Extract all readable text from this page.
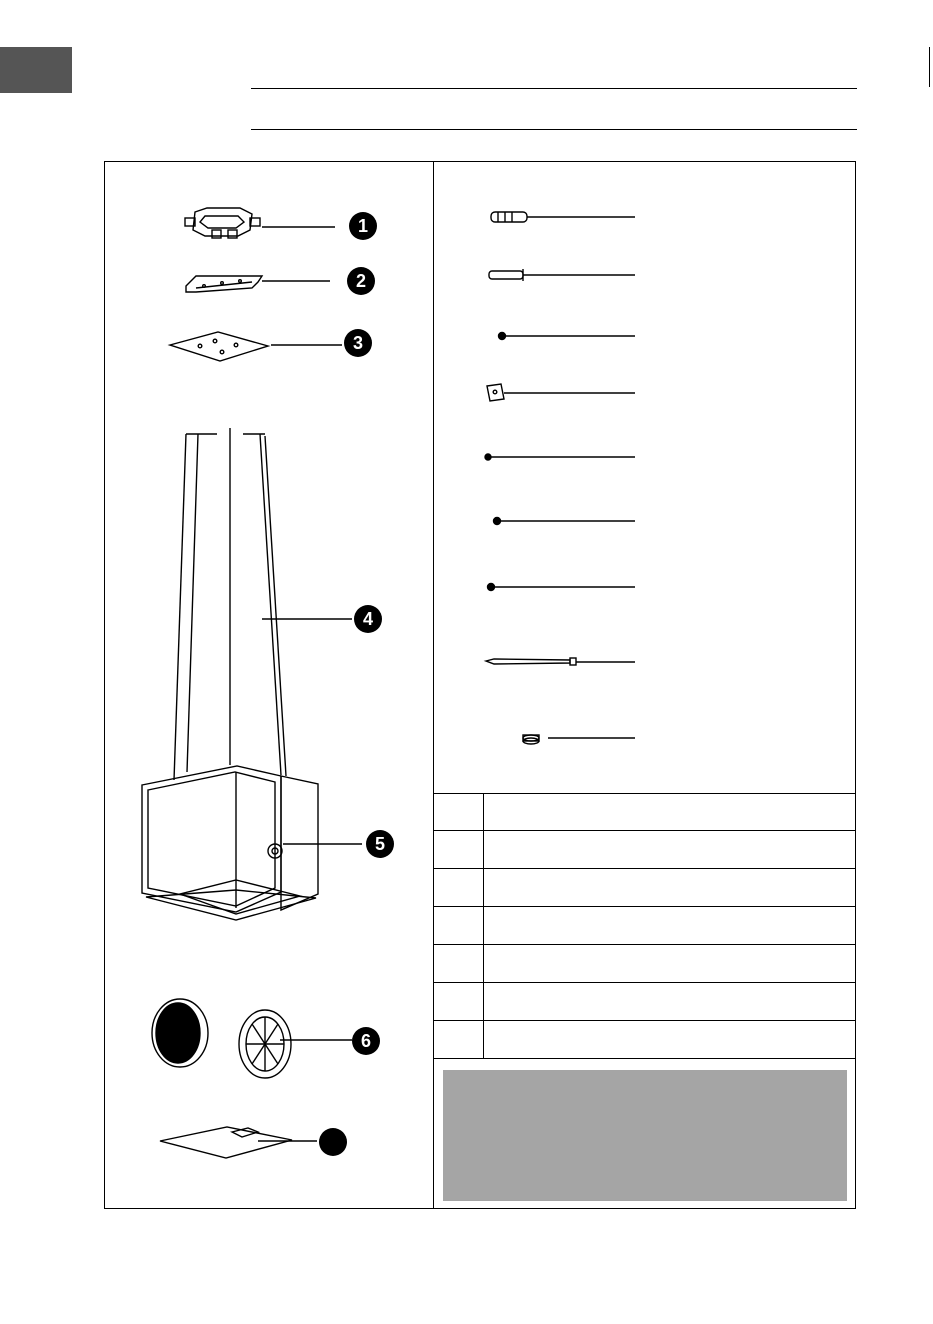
1
2
3
4
5
6
